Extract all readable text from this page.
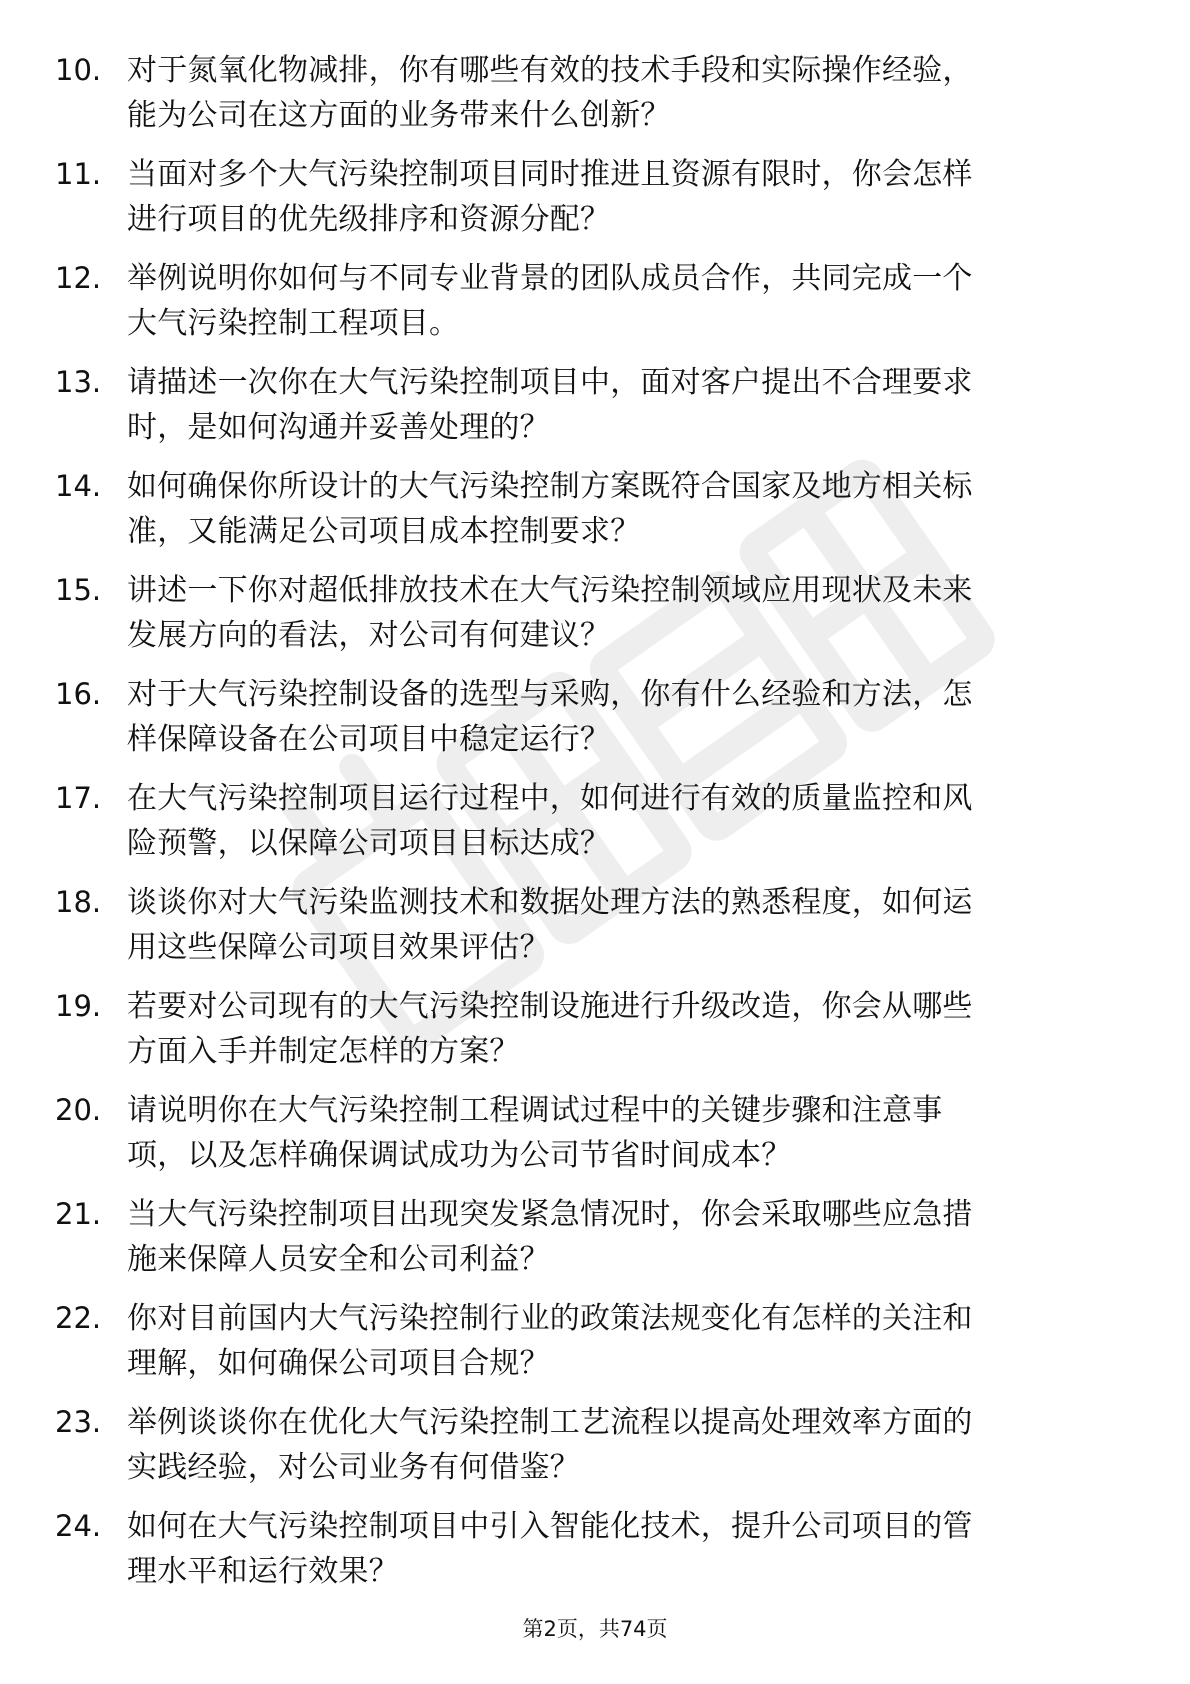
10. 对于氮氧化物减排，你有哪些有效的技术手段和实际操作经验，
能为公司在这方面的业务带来什么创新？
11. 当面对多个大气污染控制项目同时推进且资源有限时，你会怎样
进行项目的优先级排序和资源分配？
12. 举例说明你如何与不同专业背景的团队成员合作，共同完成一个
大气污染控制工程项目。
13. 请描述一次你在大气污染控制项目中，面对客户提出不合理要求
时，是如何沟通并妥善处理的？
14. 如何确保你所设计的大气污染控制方案既符合国家及地方相关标
准，又能满足公司项目成本控制要求？
15. 讲述一下你对超低排放技术在大气污染控制领域应用现状及未来
发展方向的看法，对公司有何建议？
16. 对于大气污染控制设备的选型与采购，你有什么经验和方法，怎
样保障设备在公司项目中稳定运行？
17. 在大气污染控制项目运行过程中，如何进行有效的质量监控和风
险预警，以保障公司项目目标达成？
18. 谈谈你对大气污染监测技术和数据处理方法的熟悉程度，如何运
用这些保障公司项目效果评估？
19. 若要对公司现有的大气污染控制设施进行升级改造，你会从哪些
方面入手并制定怎样的方案？
20. 请说明你在大气污染控制工程调试过程中的关键步骤和注意事
项，以及怎样确保调试成功为公司节省时间成本？
21. 当大气污染控制项目出现突发紧急情况时，你会采取哪些应急措
施来保障人员安全和公司利益？
22. 你对目前国内大气污染控制行业的政策法规变化有怎样的关注和
理解，如何确保公司项目合规？
23. 举例谈谈你在优化大气污染控制工艺流程以提高处理效率方面的
实践经验，对公司业务有何借鉴？
24. 如何在大气污染控制项目中引入智能化技术，提升公司项目的管
理水平和运行效果？
第2页，共74页
